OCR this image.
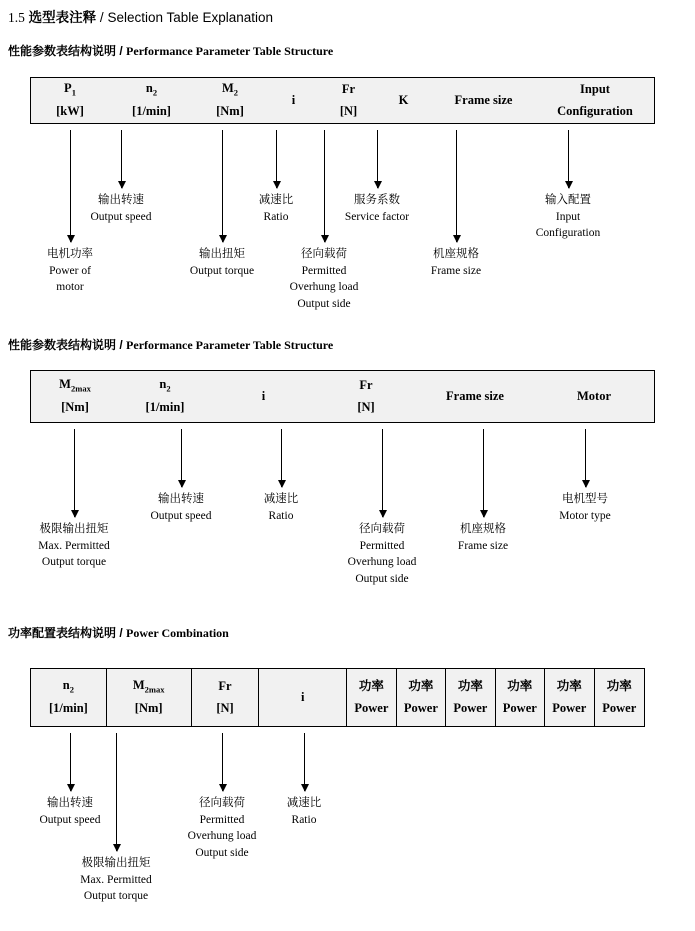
1.5 选型表注释 / Selection Table Explanation
性能参数表结构说明 / Performance Parameter Table Structure
$P_1$
[kW]
$n_2$
[1/min]
$M_2$
[Nm]
i
Fr
[N]
K	Frame size
Input
Configuration
电机功率
Power of
motor
输出转速
Output speed
输出扭矩
Output torque
减速比
Ratio
径向载荷
Permitted
Overhung load
Output side
服务系数
Service factor
机座规格
Frame size
输入配置
Input
Configuration
性能参数表结构说明 / Performance Parameter Table Structure
$M_{2max}$
[Nm]
$n_2$
[1/min]
i
Fr
[N]
Frame size	Motor
极限输出扭矩
Max. Permitted
Output torque
输出转速
Output speed
减速比
Ratio
径向载荷
Permitted
Overhung load
Output side
机座规格
Frame size
电机型号
Motor type
功率配置表结构说明 / Power Combination
$n_2$
[1/min]
$M_{2max}$
[Nm]
Fr
[N]
i
功率
Power
功率
Power
功率
Power
功率
Power
功率
Power
功率
Power
输出转速
Output speed
极限输出扭矩
Max. Permitted
Output torque
径向载荷
Permitted
Overhung load
Output side
减速比
Ratio
